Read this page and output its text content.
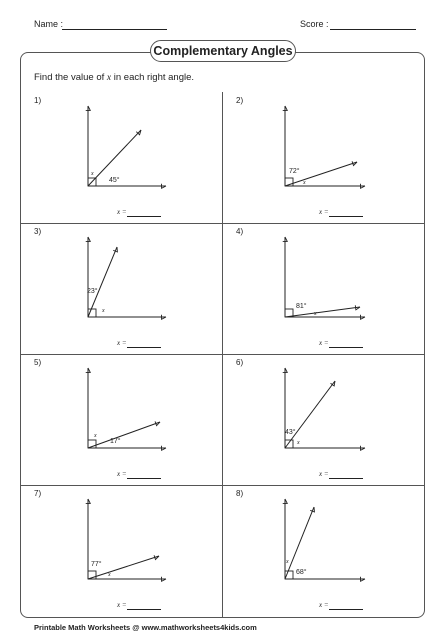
Name :	Score :
Complementary Angles
Find the value of x in each right angle.
1)
45°
x
x =
2)
72°
x
x =
3)
23°
x
x =
4)
81°
x
x =
5)
17°
x
x =
6)
43°
x
x =
7)
77°
x
x =
8)
68°
x
x =
Printable Math Worksheets @ www.mathworksheets4kids.com
